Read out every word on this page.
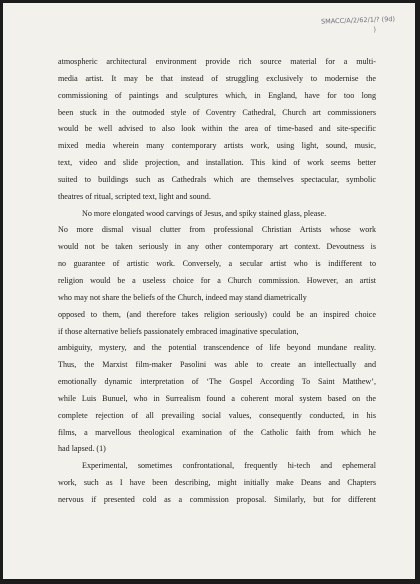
SMACC/A/2/62/1/? (9d)
)
atmospheric architectural environment provide rich source material for a multi-
media artist. It may be that instead of struggling exclusively to modernise the
commissioning of paintings and sculptures which, in England, have for too long
been stuck in the outmoded style of Coventry Cathedral, Church art commissioners
would be well advised to also look within the area of time-based and site-specific
mixed media wherein many contemporary artists work, using light, sound, music,
text, video and slide projection, and installation. This kind of work seems better
suited to buildings such as Cathedrals which are themselves spectacular, symbolic
theatres of ritual, scripted text, light and sound.
No more elongated wood carvings of Jesus, and spiky stained glass, please.
No more dismal visual clutter from professional Christian Artists whose work
would not be taken seriously in any other contemporary art context. Devoutness is
no guarantee of artistic work. Conversely, a secular artist who is indifferent to
religion would be a useless choice for a Church commission. However, an artist
who may not share the beliefs of the Church, indeed may stand diametrically
opposed to them, (and therefore takes religion seriously) could be an inspired choice
if those alternative beliefs passionately embraced imaginative speculation,
ambiguity, mystery, and the potential transcendence of life beyond mundane reality.
Thus, the Marxist film-maker Pasolini was able to create an intellectually and
emotionally dynamic interpretation of ‘The Gospel According To Saint Matthew’,
while Luis Bunuel, who in Surrealism found a coherent moral system based on the
complete rejection of all prevailing social values, consequently conducted, in his
films, a marvellous theological examination of the Catholic faith from which he
had lapsed. (1)
Experimental, sometimes confrontational, frequently hi-tech and ephemeral
work, such as I have been describing, might initially make Deans and Chapters
nervous if presented cold as a commission proposal. Similarly, but for different
